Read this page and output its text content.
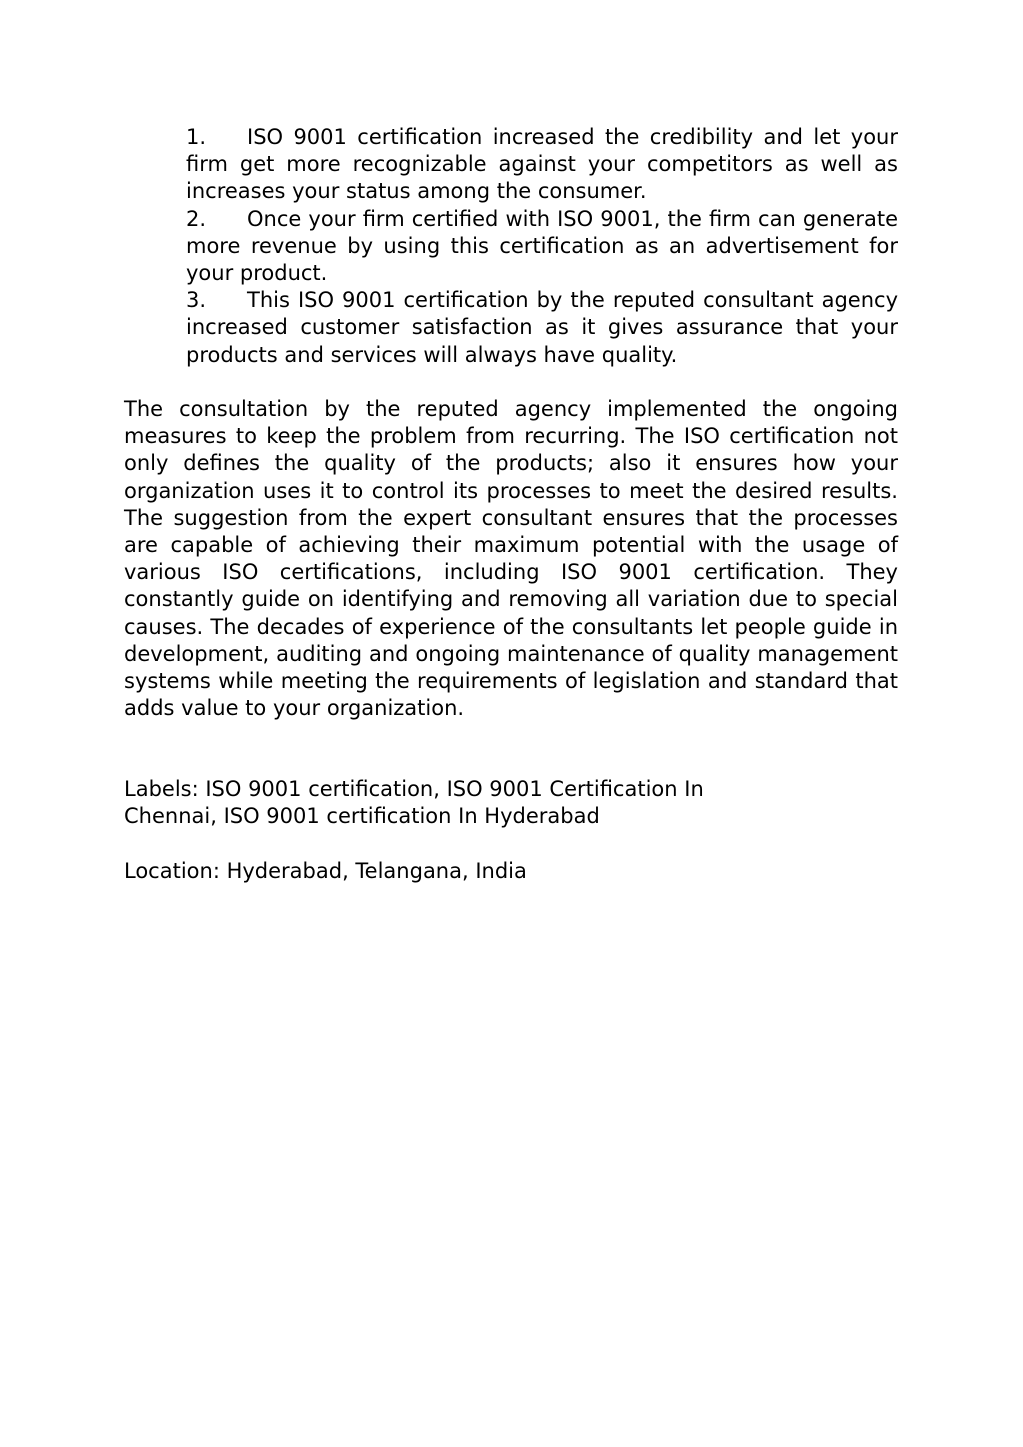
1. ISO 9001 certification increased the credibility and let your firm get more recognizable against your competitors as well as increases your status among the consumer.
2. Once your firm certified with ISO 9001, the firm can generate more revenue by using this certification as an advertisement for your product.
3. This ISO 9001 certification by the reputed consultant agency increased customer satisfaction as it gives assurance that your products and services will always have quality.

The consultation by the reputed agency implemented the ongoing measures to keep the problem from recurring. The ISO certification not only defines the quality of the products; also it ensures how your organization uses it to control its processes to meet the desired results. The suggestion from the expert consultant ensures that the processes are capable of achieving their maximum potential with the usage of various ISO certifications, including ISO 9001 certification. They constantly guide on identifying and removing all variation due to special causes. The decades of experience of the consultants let people guide in development, auditing and ongoing maintenance of quality management systems while meeting the requirements of legislation and standard that adds value to your organization.

Labels: ISO 9001 certification, ISO 9001 Certification In Chennai, ISO 9001 certification In Hyderabad

Location: Hyderabad, Telangana, India
